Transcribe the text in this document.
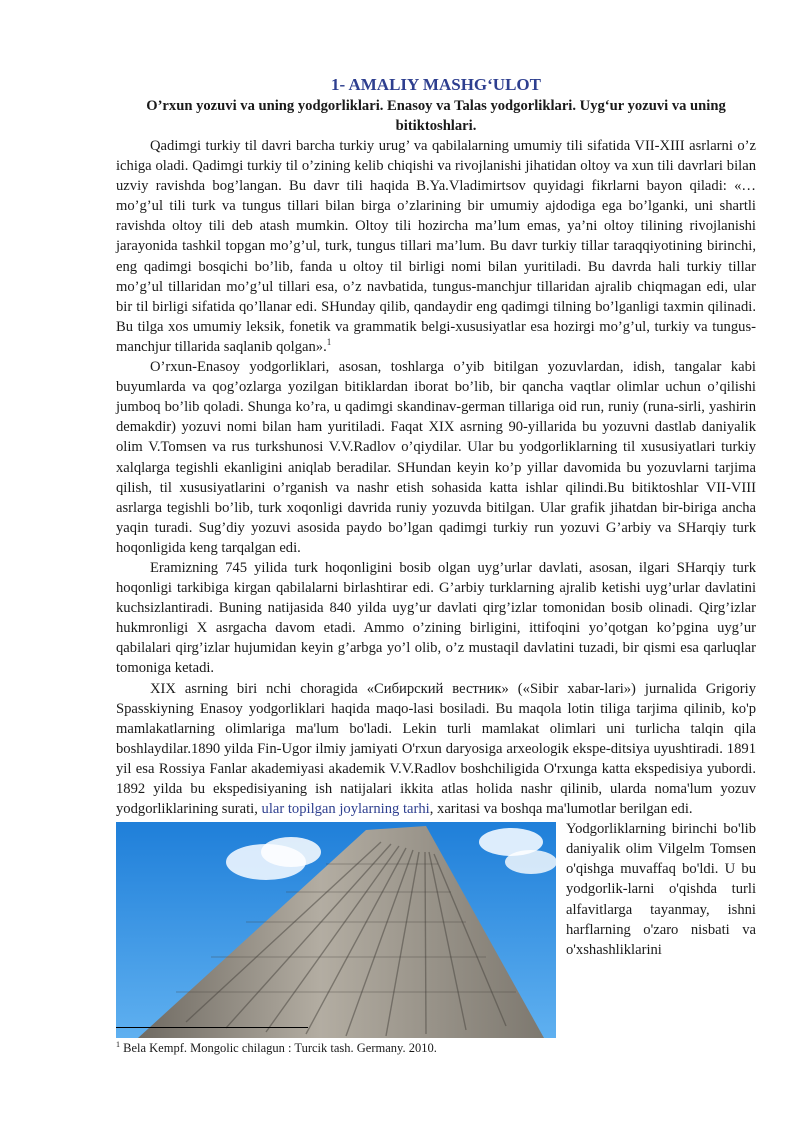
1- AMALIY MASHG‘ULOT
O’rxun yozuvi va uning yodgorliklari. Enasoy va Talas yodgorliklari. Uyg‘ur yozuvi va uning bitiktoshlari.

Qadimgi turkiy til davri barcha turkiy urug’ va qabilalarning umumiy tili sifatida VII-XIII asrlarni o’z ichiga oladi. Qadimgi turkiy til o’zining kelib chiqishi va rivojlanishi jihatidan oltoy va xun tili davrlari bilan uzviy ravishda bog’langan. Bu davr tili haqida B.Ya.Vladimirtsov quyidagi fikrlarni bayon qiladi: «…mo’g’ul tili turk va tungus tillari bilan birga o’zlarining bir umumiy ajdodiga ega bo’lganki, uni shartli ravishda oltoy tili deb atash mumkin. Oltoy tili hozircha ma’lum emas, ya’ni oltoy tilining rivojlanishi jarayonida tashkil topgan mo’g’ul, turk, tungus tillari ma’lum. Bu davr turkiy tillar taraqqiyotining birinchi, eng qadimgi bosqichi bo’lib, fanda u oltoy til birligi nomi bilan yuritiladi. Bu davrda hali turkiy tillar mo’g’ul tillaridan mo’g’ul tillari esa, o’z navbatida, tungus-manchjur tillaridan ajralib chiqmagan edi, ular bir til birligi sifatida qo’llanar edi. SHunday qilib, qandaydir eng qadimgi tilning bo’lganligi taxmin qilinadi. Bu tilga xos umumiy leksik, fonetik va grammatik belgi-xususiyatlar esa hozirgi mo’g’ul, turkiy va tungus-manchjur tillarida saqlanib qolgan».$^1$

O’rxun-Enasoy yodgorliklari, asosan, toshlarga o’yib bitilgan yozuvlardan, idish, tangalar kabi buyumlarda va qog’ozlarga yozilgan bitiklardan iborat bo’lib, bir qancha vaqtlar olimlar uchun o’qilishi jumboq bo’lib qoladi. Shunga ko’ra, u qadimgi skandinav-german tillariga oid run, runiy (runa-sirli, yashirin demakdir) yozuvi nomi bilan ham yuritiladi. Faqat XIX asrning 90-yillarida bu yozuvni dastlab daniyalik olim V.Tomsen va rus turkshunosi V.V.Radlov o’qiydilar. Ular bu yodgorliklarning til xususiyatlari turkiy xalqlarga tegishli ekanligini aniqlab beradilar. SHundan keyin ko’p yillar davomida bu yozuvlarni tarjima qilish, til xususiyatlarini o’rganish va nashr etish sohasida katta ishlar qilindi.Bu bitiktoshlar VII-VIII asrlarga tegishli bo’lib, turk xoqonligi davrida runiy yozuvda bitilgan. Ular grafik jihatdan bir-biriga ancha yaqin turadi. Sug’diy yozuvi asosida paydo bo’lgan qadimgi turkiy run yozuvi G’arbiy va SHarqiy turk hoqonligida keng tarqalgan edi.

Eramizning 745 yilida turk hoqonligini bosib olgan uyg’urlar davlati, asosan, ilgari SHarqiy turk hoqonligi tarkibiga kirgan qabilalarni birlashtirar edi. G’arbiy turklarning ajralib ketishi uyg’urlar davlatini kuchsizlantiradi. Buning natijasida 840 yilda uyg’ur davlati qirg’izlar tomonidan bosib olinadi. Qirg’izlar hukmronligi X asrgacha davom etadi. Ammo o’zining birligini, ittifoqini yo’qotgan ko’pgina uyg’ur qabilalari qirg’izlar hujumidan keyin g’arbga yo’l olib, o’z mustaqil davlatini tuzadi, bir qismi esa qarluqlar tomoniga ketadi.

XIX asrning biri nchi choragida «Сибирский вестник» («Sibir xabar-lari») jurnalida Grigoriy Spasskiyning Enasoy yodgorliklari haqida maqo-lasi bosiladi. Bu maqola lotin tiliga tarjima qilinib, ko'p mamlakatlarning olimlariga ma'lum bo'ladi. Lekin turli mamlakat olimlari uni turlicha talqin qila boshlaydilar.1890 yilda Fin-Ugor ilmiy jamiyati O'rxun daryosiga arxeologik ekspe-ditsiya uyushtiradi. 1891 yil esa Rossiya Fanlar akademiyasi akademik V.V.Radlov boshchiligida O'rxunga katta ekspedisiya yubordi. 1892 yilda bu ekspedisiyaning ish natijalari ikkita atlas holida nashr qilinib, ularda noma'lum yozuv yodgorliklarining surati, ular topilgan joylarning tarhi, xaritasi va boshqa ma'lumotlar berilgan edi.

Yodgorliklarning birinchi bo'lib daniyalik olim Vilgelm Tomsen o'qishga muvaffaq bo'ldi. U bu yodgorlik-larni o'qishda turli alfavitlarga tayanmay, ishni harflarning o'zaro nisbati va o'xshashliklarini

$^1$ Bela Kempf. Mongolic chilagun : Turcik tash. Germany. 2010.
